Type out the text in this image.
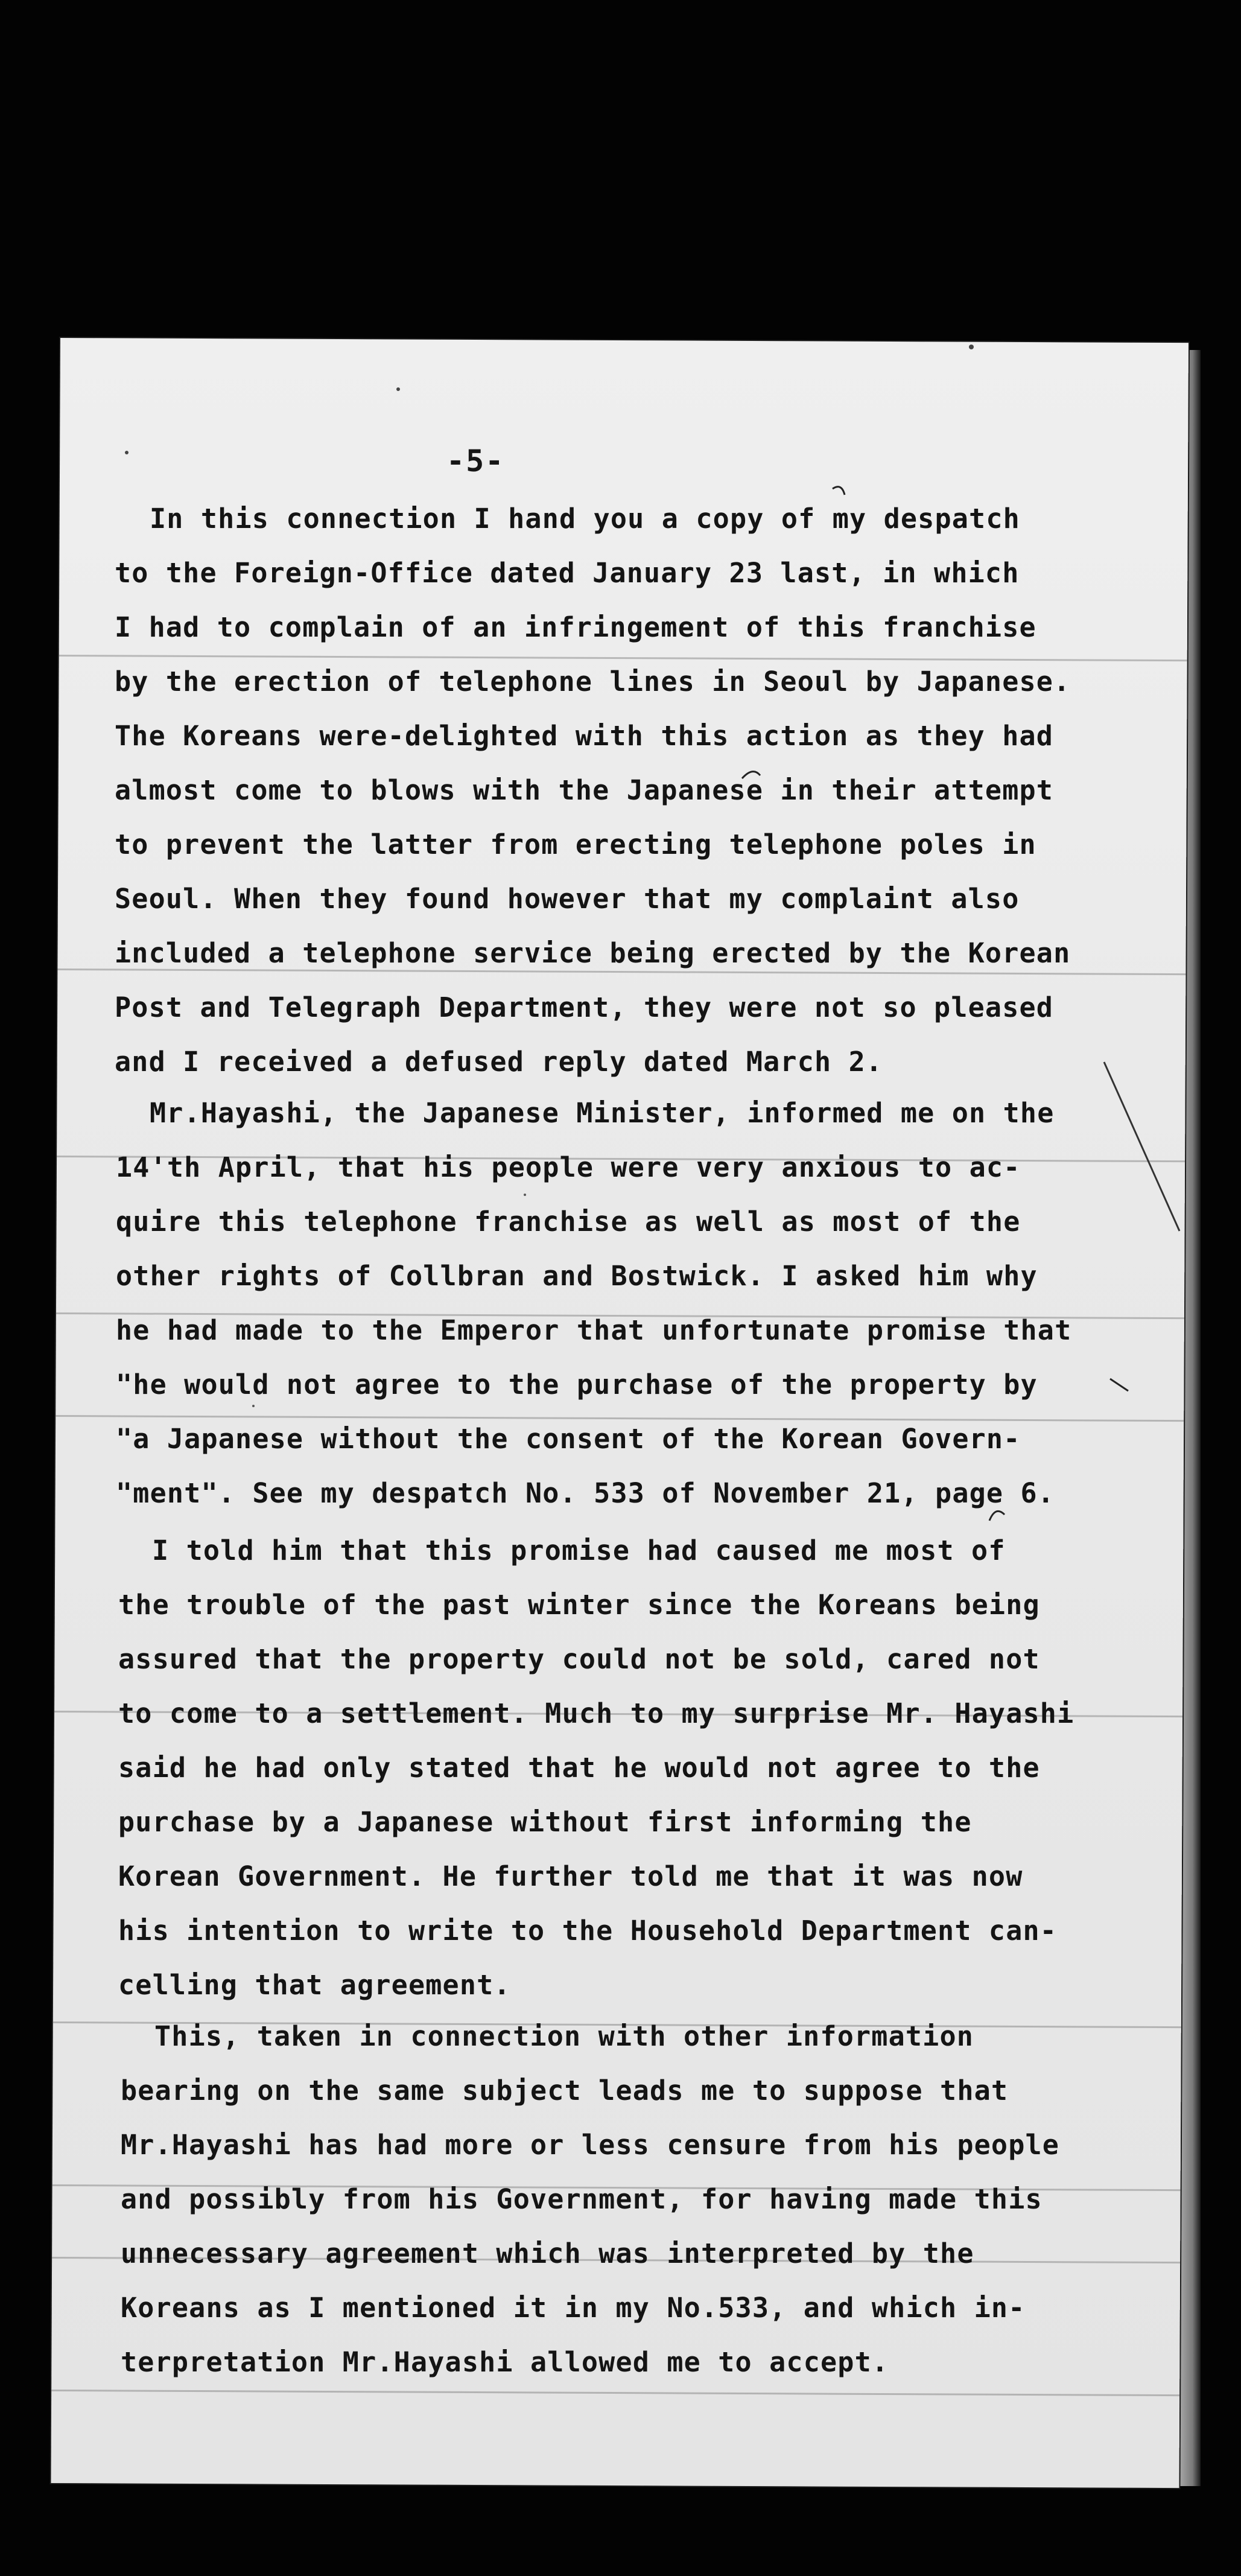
-5-
In this connection I hand you a copy of my despatch
to the Foreign-Office dated January 23 last, in which
I had to complain of an infringement of this franchise
by the erection of telephone lines in Seoul by Japanese.
The Koreans were-delighted with this action as they had
almost come to blows with the Japanese in their attempt
to prevent the latter from erecting telephone poles in
Seoul. When they found however that my complaint also
included a telephone service being erected by the Korean
Post and Telegraph Department, they were not so pleased
and I received a defused reply dated March 2.
Mr.Hayashi, the Japanese Minister, informed me on the
14'th April, that his people were very anxious to ac-
quire this telephone franchise as well as most of the
other rights of Collbran and Bostwick. I asked him why
he had made to the Emperor that unfortunate promise that
"he would not agree to the purchase of the property by
"a Japanese without the consent of the Korean Govern-
"ment". See my despatch No. 533 of November 21, page 6.
I told him that this promise had caused me most of
the trouble of the past winter since the Koreans being
assured that the property could not be sold, cared not
to come to a settlement. Much to my surprise Mr. Hayashi
said he had only stated that he would not agree to the
purchase by a Japanese without first informing the
Korean Government. He further told me that it was now
his intention to write to the Household Department can-
celling that agreement.
This, taken in connection with other information
bearing on the same subject leads me to suppose that
Mr.Hayashi has had more or less censure from his people
and possibly from his Government, for having made this
unnecessary agreement which was interpreted by the
Koreans as I mentioned it in my No.533, and which in-
terpretation Mr.Hayashi allowed me to accept.
